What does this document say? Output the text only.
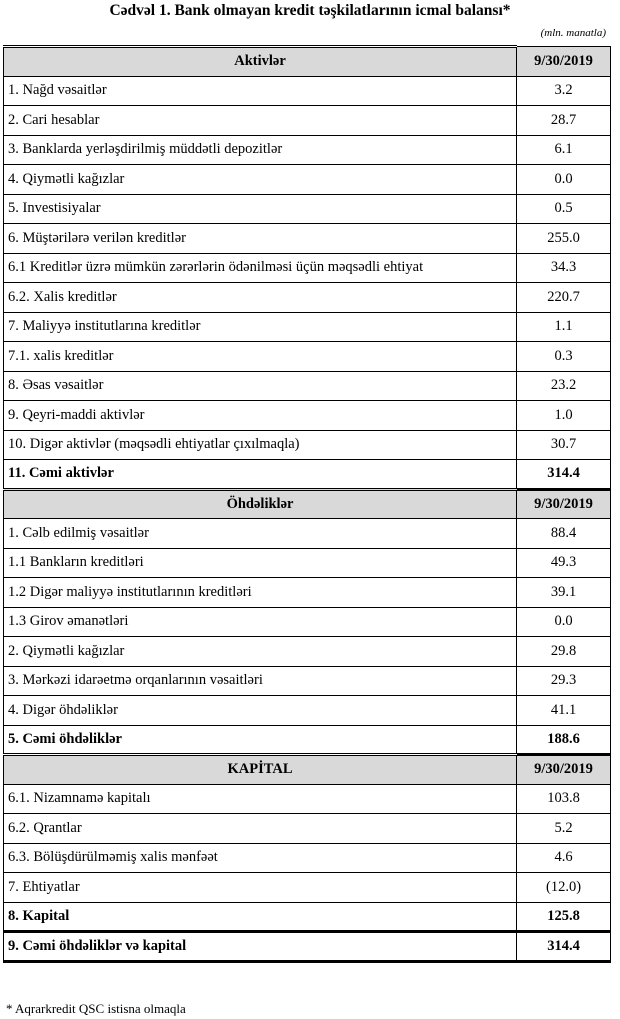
Cədvəl 1. Bank olmayan kredit təşkilatlarının icmal balansı*
(mln. manatla)
Aktivlər	9/30/2019
1. Nağd vəsaitlər	3.2
2. Cari hesablar	28.7
3. Banklarda yerləşdirilmiş müddətli depozitlər	6.1
4. Qiymətli kağızlar	0.0
5. Investisiyalar	0.5
6. Müştərilərə verilən kreditlər	255.0
6.1 Kreditlər üzrə mümkün zərərlərin ödənilməsi üçün məqsədli ehtiyat	34.3
6.2. Xalis kreditlər	220.7
7. Maliyyə institutlarına kreditlər	1.1
7.1. xalis kreditlər	0.3
8. Əsas vəsaitlər	23.2
9. Qeyri-maddi aktivlər	1.0
10. Digər aktivlər (məqsədli ehtiyatlar çıxılmaqla)	30.7
11. Cəmi aktivlər	314.4
Öhdəliklər	9/30/2019
1. Cəlb edilmiş vəsaitlər	88.4
1.1 Bankların kreditləri	49.3
1.2 Digər maliyyə institutlarının kreditləri	39.1
1.3 Girov əmanətləri	0.0
2. Qiymətli kağızlar	29.8
3. Mərkəzi idarəetmə orqanlarının vəsaitləri	29.3
4. Digər öhdəliklər	41.1
5. Cəmi öhdəliklər	188.6
KAPİTAL	9/30/2019
6.1. Nizamnamə kapitalı	103.8
6.2. Qrantlar	5.2
6.3. Bölüşdürülməmiş xalis mənfəət	4.6
7. Ehtiyatlar	(12.0)
8. Kapital	125.8
9. Cəmi öhdəliklər və kapital	314.4
* Aqrarkredit QSC istisna olmaqla
